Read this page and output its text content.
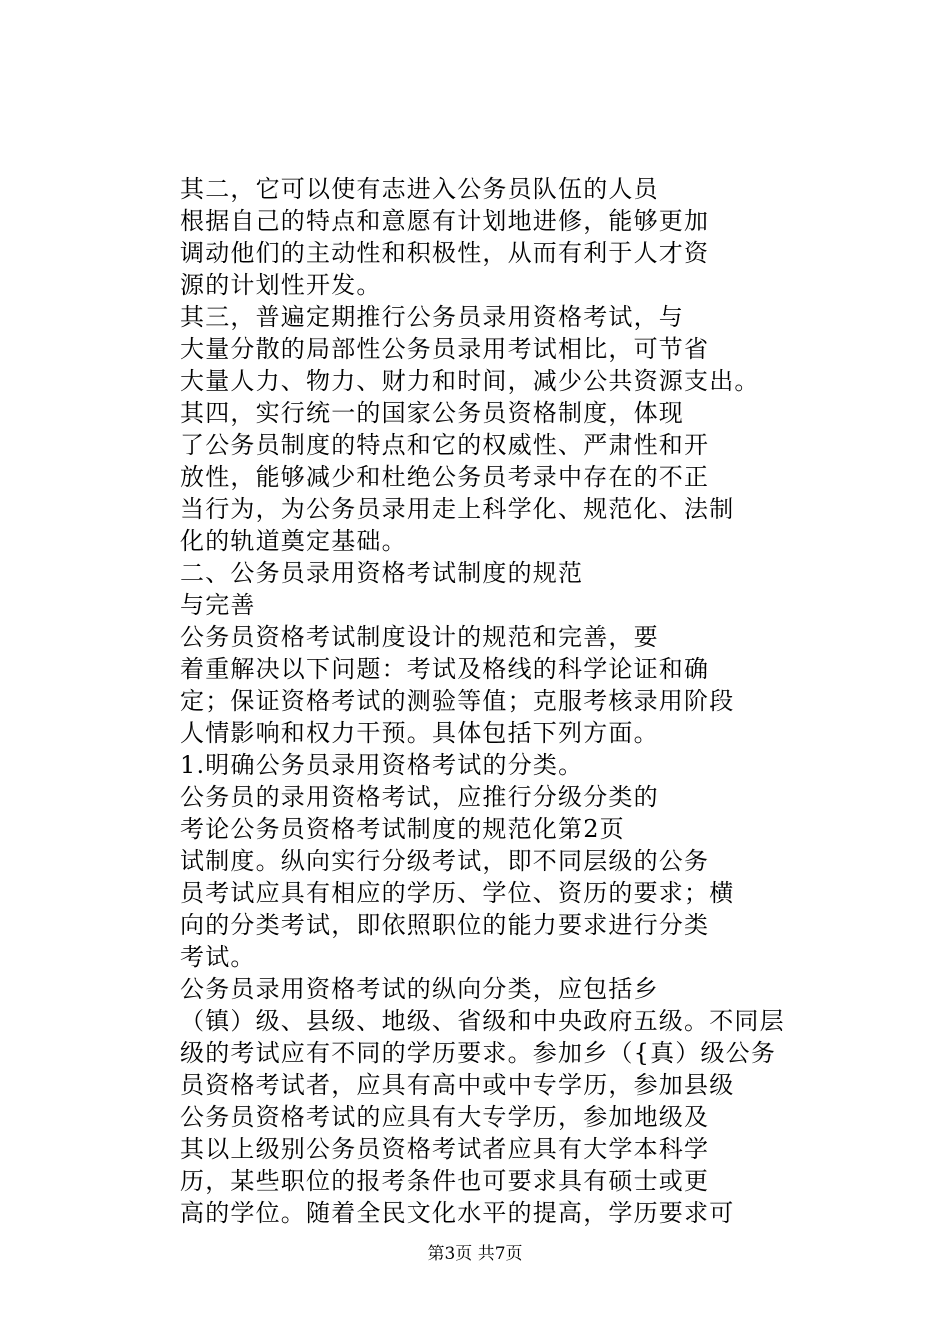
其二，它可以使有志进入公务员队伍的人员
根据自己的特点和意愿有计划地进修，能够更加
调动他们的主动性和积极性，从而有利于人才资
源的计划性开发。
其三，普遍定期推行公务员录用资格考试，与
大量分散的局部性公务员录用考试相比，可节省
大量人力、物力、财力和时间，减少公共资源支出。
其四，实行统一的国家公务员资格制度，体现
了公务员制度的特点和它的权威性、严肃性和开
放性，能够减少和杜绝公务员考录中存在的不正
当行为，为公务员录用走上科学化、规范化、法制
化的轨道奠定基础。
二、公务员录用资格考试制度的规范
与完善
公务员资格考试制度设计的规范和完善，要
着重解决以下问题：考试及格线的科学论证和确
定；保证资格考试的测验等值；克服考核录用阶段
人情影响和权力干预。具体包括下列方面。
1.明确公务员录用资格考试的分类。
公务员的录用资格考试，应推行分级分类的
考论公务员资格考试制度的规范化第2页
试制度。纵向实行分级考试，即不同层级的公务
员考试应具有相应的学历、学位、资历的要求；横
向的分类考试，即依照职位的能力要求进行分类
考试。
公务员录用资格考试的纵向分类，应包括乡
（镇）级、县级、地级、省级和中央政府五级。不同层
级的考试应有不同的学历要求。参加乡（{真）级公务
员资格考试者，应具有高中或中专学历，参加县级
公务员资格考试的应具有大专学历，参加地级及
其以上级别公务员资格考试者应具有大学本科学
历，某些职位的报考条件也可要求具有硕士或更
高的学位。随着全民文化水平的提高，学历要求可
第3页 共7页
